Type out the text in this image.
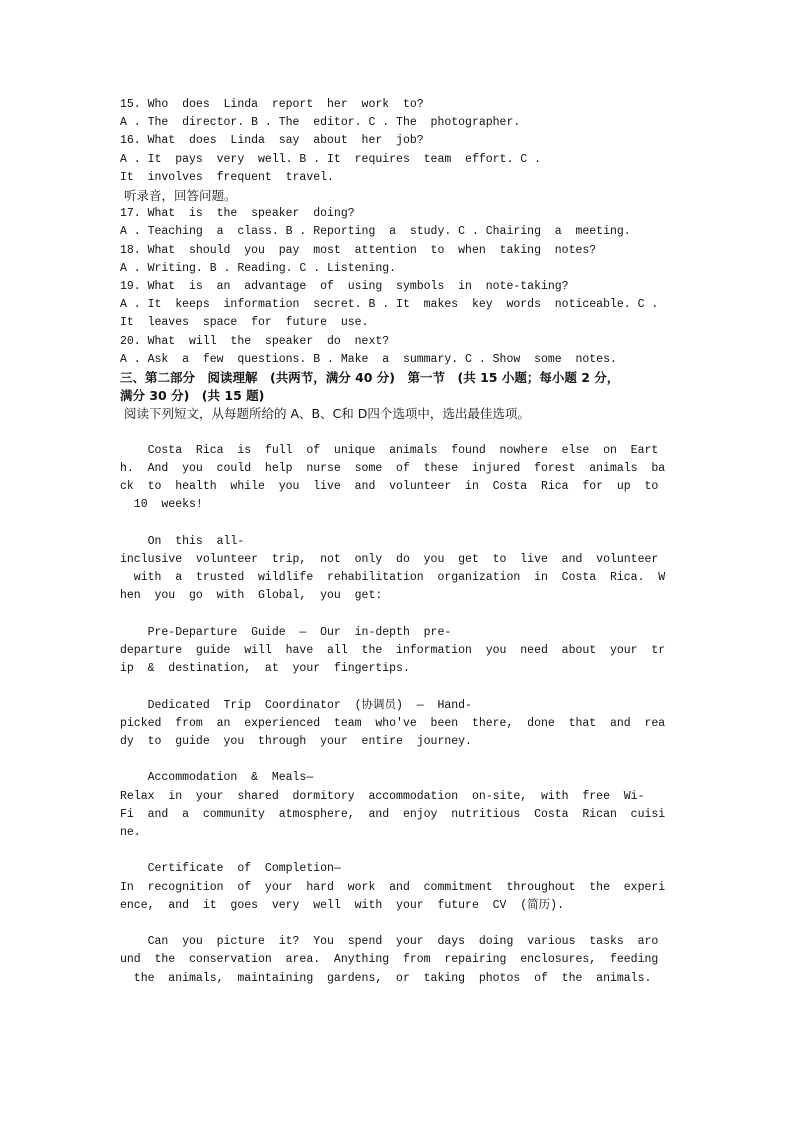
15. Who  does  Linda  report  her  work  to?
A . The  director. B . The  editor. C . The  photographer.
16. What  does  Linda  say  about  her  job?
A . It  pays  very  well. B . It  requires  team  effort. C .
It  involves  frequent  travel.
听录音，回答问题。
17. What  is  the  speaker  doing?
A . Teaching  a  class. B . Reporting  a  study. C . Chairing  a  meeting.
18. What  should  you  pay  most  attention  to  when  taking  notes?
A . Writing. B . Reading. C . Listening.
19. What  is  an  advantage  of  using  symbols  in  note-taking?
A . It  keeps  information  secret. B . It  makes  key  words  noticeable. C .
It  leaves  space  for  future  use.
20. What  will  the  speaker  do  next?
A . Ask  a  few  questions. B . Make  a  summary. C . Show  some  notes.
三、第二部分　阅读理解　(共两节，满分 40 分)　第一节　(共 15 小题；每小题 2 分，
满分 30 分)　(共 15 题)
阅读下列短文，从每题所给的 A、B、C和 D四个选项中，选出最佳选项。
Costa  Rica  is  full  of  unique  animals  found  nowhere  else  on  Eart
h.  And  you  could  help  nurse  some  of  these  injured  forest  animals  ba
ck  to  health  while  you  live  and  volunteer  in  Costa  Rica  for  up  to
10  weeks!
On  this  all-
inclusive  volunteer  trip,  not  only  do  you  get  to  live  and  volunteer
with  a  trusted  wildlife  rehabilitation  organization  in  Costa  Rica.  W
hen  you  go  with  Global,  you  get:
Pre-Departure  Guide  —  Our  in-depth  pre-
departure  guide  will  have  all  the  information  you  need  about  your  tr
ip  &  destination,  at  your  fingertips.
Dedicated  Trip  Coordinator  (协调员)  —  Hand-
picked  from  an  experienced  team  who've  been  there,  done  that  and  rea
dy  to  guide  you  through  your  entire  journey.
Accommodation  &  Meals—
Relax  in  your  shared  dormitory  accommodation  on-site,  with  free  Wi-
Fi  and  a  community  atmosphere,  and  enjoy  nutritious  Costa  Rican  cuisi
ne.
Certificate  of  Completion—
In  recognition  of  your  hard  work  and  commitment  throughout  the  experi
ence,  and  it  goes  very  well  with  your  future  CV  (简历).
Can  you  picture  it?  You  spend  your  days  doing  various  tasks  aro
und  the  conservation  area.  Anything  from  repairing  enclosures,  feeding
the  animals,  maintaining  gardens,  or  taking  photos  of  the  animals.
